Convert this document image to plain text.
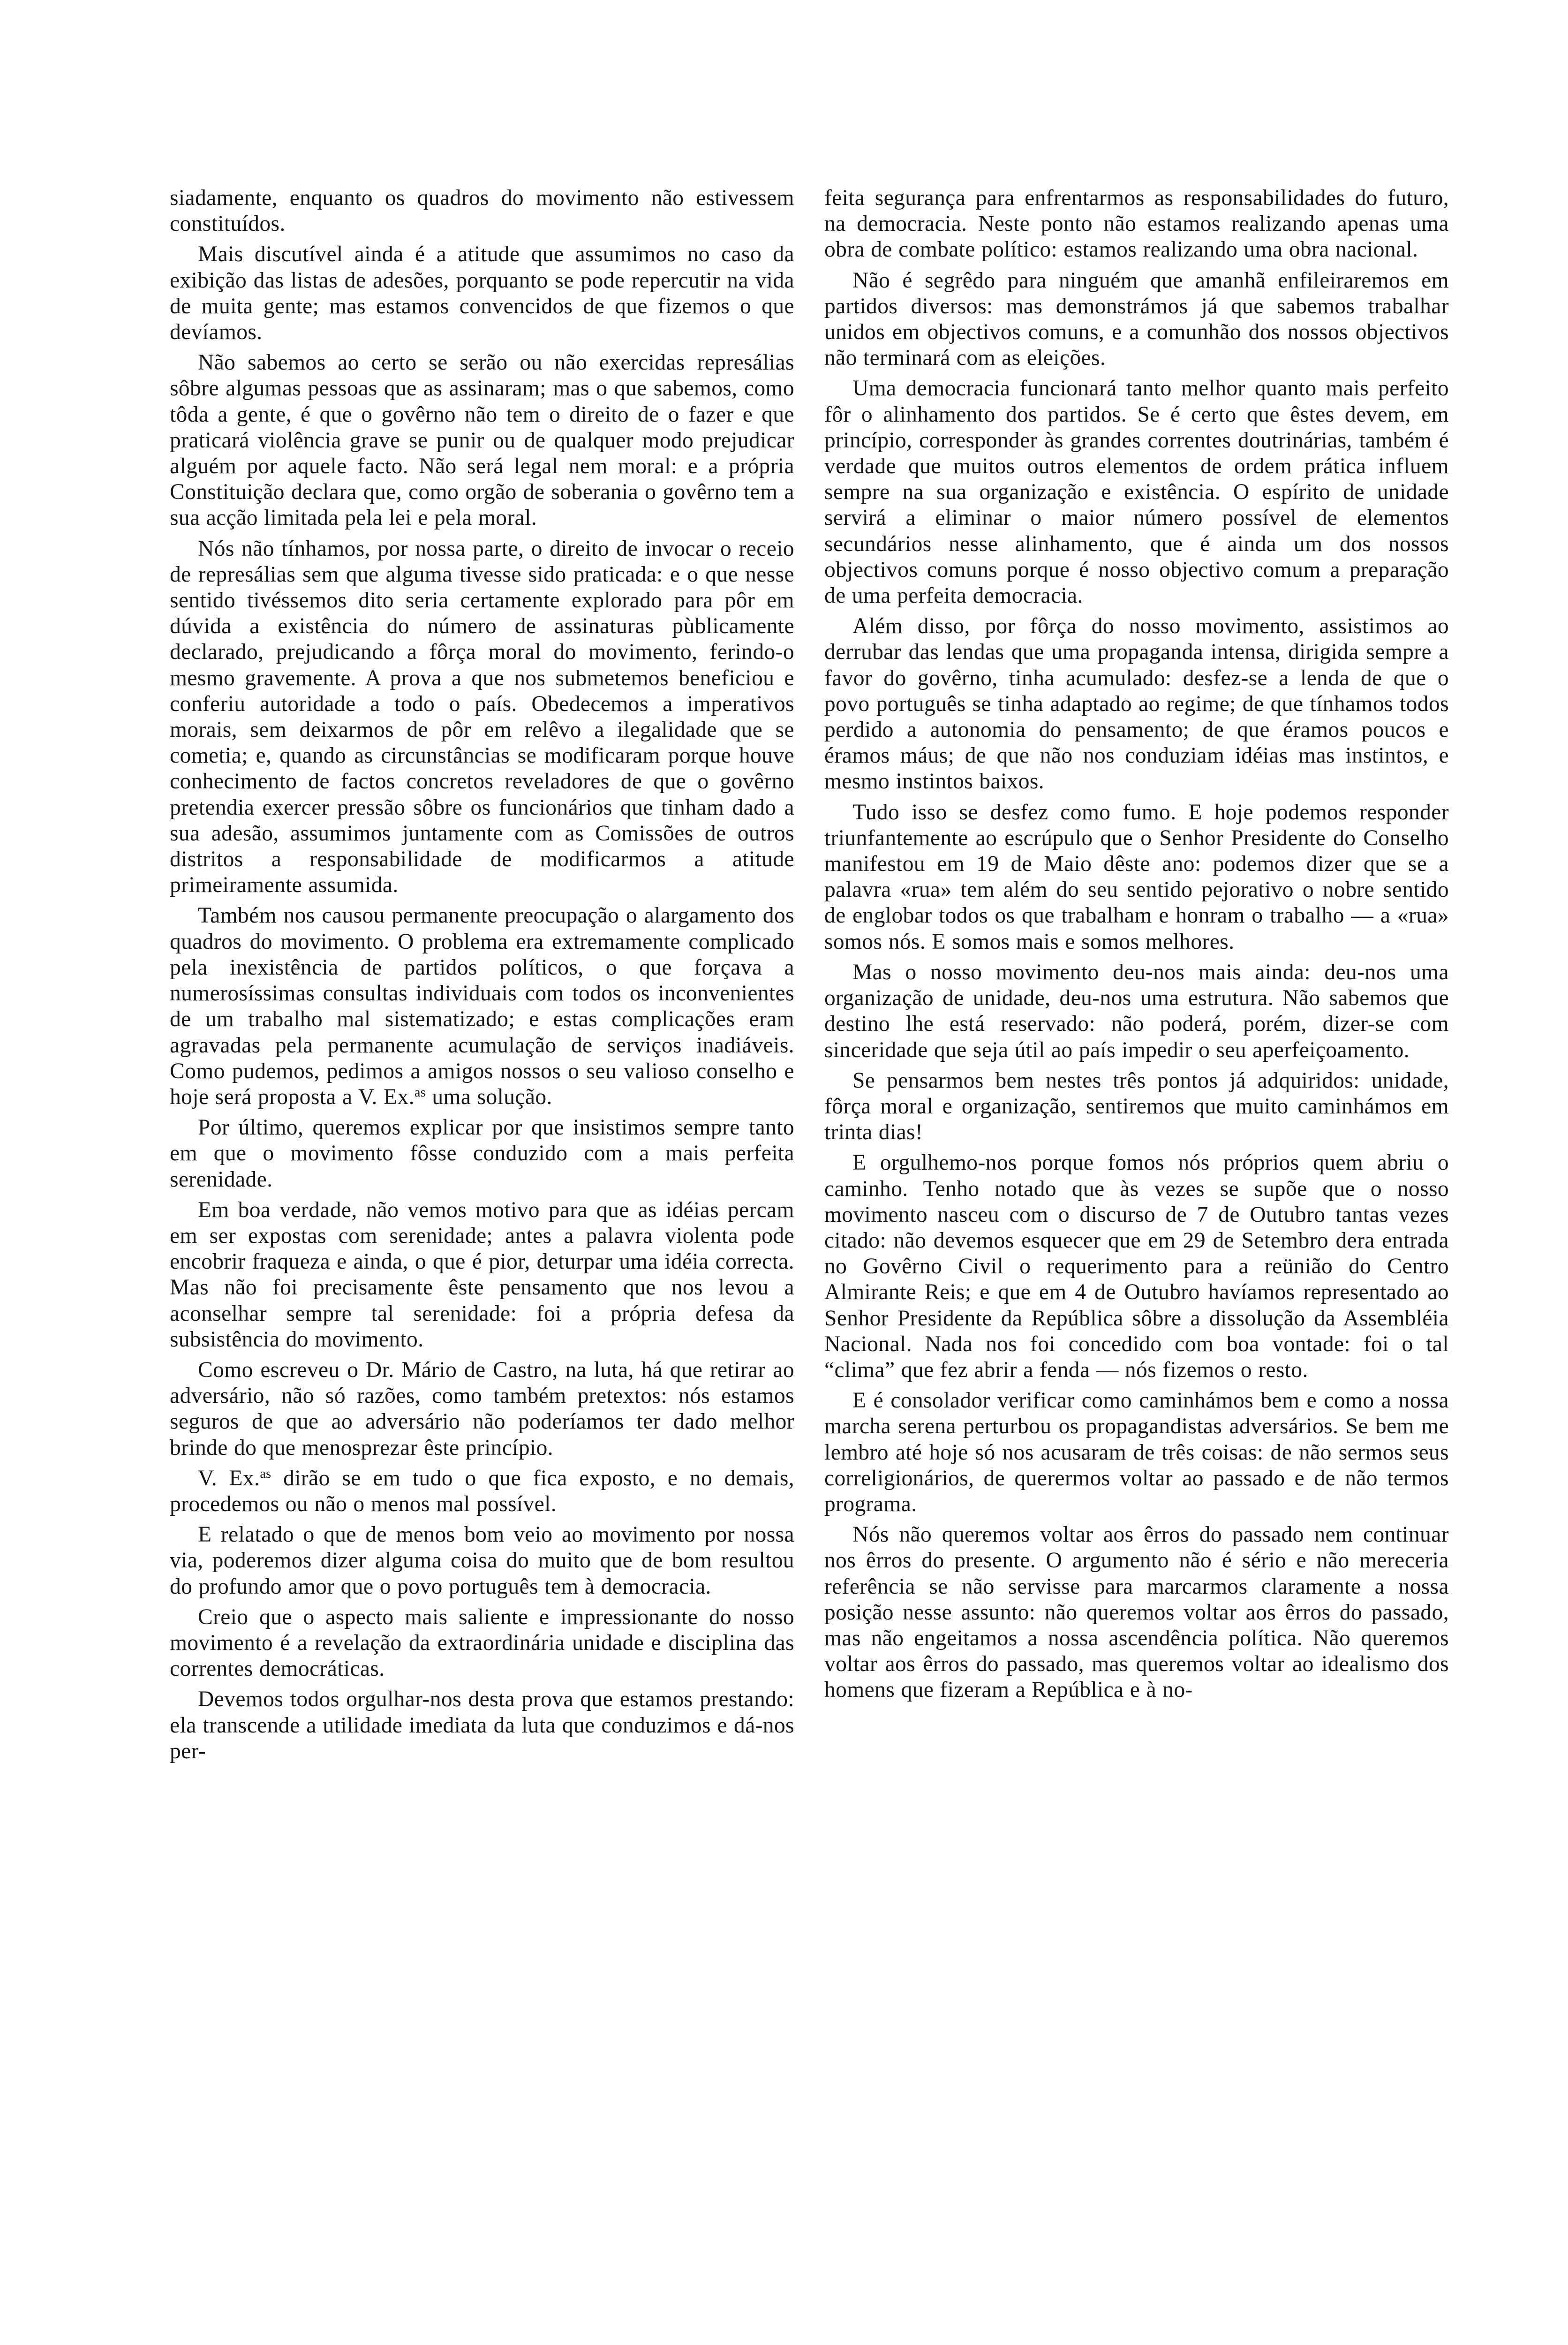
siadamente, enquanto os quadros do movimento não estivessem constituídos.

Mais discutível ainda é a atitude que assumimos no caso da exibição das listas de adesões, porquanto se pode repercutir na vida de muita gente; mas estamos convencidos de que fizemos o que devíamos.

Não sabemos ao certo se serão ou não exercidas represálias sôbre algumas pessoas que as assinaram; mas o que sabemos, como tôda a gente, é que o govêrno não tem o direito de o fazer e que praticará violência grave se punir ou de qualquer modo prejudicar alguém por aquele facto. Não será legal nem moral: e a própria Constituição declara que, como orgão de soberania o govêrno tem a sua acção limitada pela lei e pela moral.

Nós não tínhamos, por nossa parte, o direito de invocar o receio de represálias sem que alguma tivesse sido praticada: e o que nesse sentido tivéssemos dito seria certamente explorado para pôr em dúvida a existência do número de assinaturas pùblicamente declarado, prejudicando a fôrça moral do movimento, ferindo-o mesmo gravemente. A prova a que nos submetemos beneficiou e conferiu autoridade a todo o país. Obedecemos a imperativos morais, sem deixarmos de pôr em relêvo a ilegalidade que se cometia; e, quando as circunstâncias se modificaram porque houve conhecimento de factos concretos reveladores de que o govêrno pretendia exercer pressão sôbre os funcionários que tinham dado a sua adesão, assumimos juntamente com as Comissões de outros distritos a responsabilidade de modificarmos a atitude primeiramente assumida.

Também nos causou permanente preocupação o alargamento dos quadros do movimento. O problema era extremamente complicado pela inexistência de partidos políticos, o que forçava a numerosíssimas consultas individuais com todos os inconvenientes de um trabalho mal sistematizado; e estas complicações eram agravadas pela permanente acumulação de serviços inadiáveis. Como pudemos, pedimos a amigos nossos o seu valioso conselho e hoje será proposta a V. Ex.$^{as}$ uma solução.

Por último, queremos explicar por que insistimos sempre tanto em que o movimento fôsse conduzido com a mais perfeita serenidade.

Em boa verdade, não vemos motivo para que as idéias percam em ser expostas com serenidade; antes a palavra violenta pode encobrir fraqueza e ainda, o que é pior, deturpar uma idéia correcta. Mas não foi precisamente êste pensamento que nos levou a aconselhar sempre tal serenidade: foi a própria defesa da subsistência do movimento.

Como escreveu o Dr. Mário de Castro, na luta, há que retirar ao adversário, não só razões, como também pretextos: nós estamos seguros de que ao adversário não poderíamos ter dado melhor brinde do que menosprezar êste princípio.

V. Ex.$^{as}$ dirão se em tudo o que fica exposto, e no demais, procedemos ou não o menos mal possível.

E relatado o que de menos bom veio ao movimento por nossa via, poderemos dizer alguma coisa do muito que de bom resultou do profundo amor que o povo português tem à democracia.

Creio que o aspecto mais saliente e impressionante do nosso movimento é a revelação da extraordinária unidade e disciplina das correntes democráticas.

Devemos todos orgulhar-nos desta prova que estamos prestando: ela transcende a utilidade imediata da luta que conduzimos e dá-nos per-

feita segurança para enfrentarmos as responsabilidades do futuro, na democracia. Neste ponto não estamos realizando apenas uma obra de combate político: estamos realizando uma obra nacional.

Não é segrêdo para ninguém que amanhã enfileiraremos em partidos diversos: mas demonstrámos já que sabemos trabalhar unidos em objectivos comuns, e a comunhão dos nossos objectivos não terminará com as eleições.

Uma democracia funcionará tanto melhor quanto mais perfeito fôr o alinhamento dos partidos. Se é certo que êstes devem, em princípio, corresponder às grandes correntes doutrinárias, também é verdade que muitos outros elementos de ordem prática influem sempre na sua organização e existência. O espírito de unidade servirá a eliminar o maior número possível de elementos secundários nesse alinhamento, que é ainda um dos nossos objectivos comuns porque é nosso objectivo comum a preparação de uma perfeita democracia.

Além disso, por fôrça do nosso movimento, assistimos ao derrubar das lendas que uma propaganda intensa, dirigida sempre a favor do govêrno, tinha acumulado: desfez-se a lenda de que o povo português se tinha adaptado ao regime; de que tínhamos todos perdido a autonomia do pensamento; de que éramos poucos e éramos máus; de que não nos conduziam idéias mas instintos, e mesmo instintos baixos.

Tudo isso se desfez como fumo. E hoje podemos responder triunfantemente ao escrúpulo que o Senhor Presidente do Conselho manifestou em 19 de Maio dêste ano: podemos dizer que se a palavra «rua» tem além do seu sentido pejorativo o nobre sentido de englobar todos os que trabalham e honram o trabalho — a «rua» somos nós. E somos mais e somos melhores.

Mas o nosso movimento deu-nos mais ainda: deu-nos uma organização de unidade, deu-nos uma estrutura. Não sabemos que destino lhe está reservado: não poderá, porém, dizer-se com sinceridade que seja útil ao país impedir o seu aperfeiçoamento.

Se pensarmos bem nestes três pontos já adquiridos: unidade, fôrça moral e organização, sentiremos que muito caminhámos em trinta dias!

E orgulhemo-nos porque fomos nós próprios quem abriu o caminho. Tenho notado que às vezes se supõe que o nosso movimento nasceu com o discurso de 7 de Outubro tantas vezes citado: não devemos esquecer que em 29 de Setembro dera entrada no Govêrno Civil o requerimento para a reünião do Centro Almirante Reis; e que em 4 de Outubro havíamos representado ao Senhor Presidente da República sôbre a dissolução da Assembléia Nacional. Nada nos foi concedido com boa vontade: foi o tal “clima” que fez abrir a fenda — nós fizemos o resto.

E é consolador verificar como caminhámos bem e como a nossa marcha serena perturbou os propagandistas adversários. Se bem me lembro até hoje só nos acusaram de três coisas: de não sermos seus correligionários, de querermos voltar ao passado e de não termos programa.

Nós não queremos voltar aos êrros do passado nem continuar nos êrros do presente. O argumento não é sério e não mereceria referência se não servisse para marcarmos claramente a nossa posição nesse assunto: não queremos voltar aos êrros do passado, mas não engeitamos a nossa ascendência política. Não queremos voltar aos êrros do passado, mas queremos voltar ao idealismo dos homens que fizeram a República e à no-
